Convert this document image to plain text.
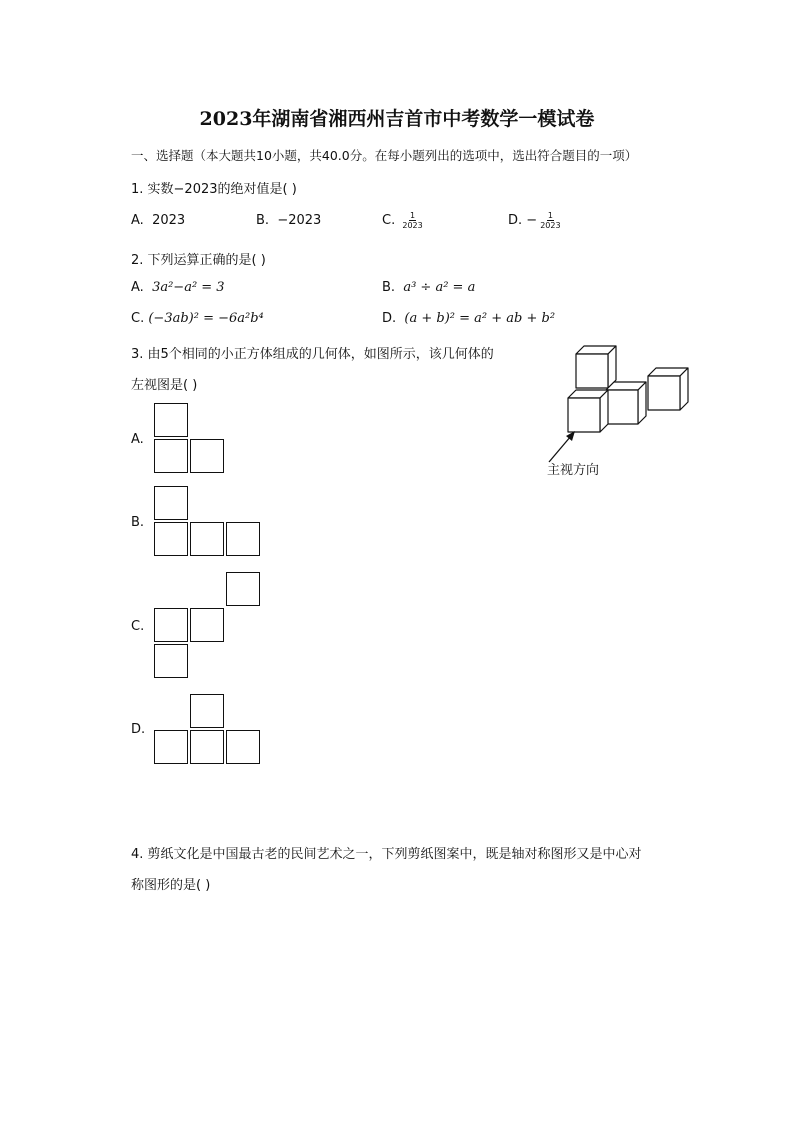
2023年湖南省湘西州吉首市中考数学一模试卷
一、选择题（本大题共10小题，共40.0分。在每小题列出的选项中，选出符合题目的一项）
1. 实数−2023的绝对值是( )
A. 2023	B. −2023	C. $\frac{1}{2023}$	D. − $\frac{1}{2023}$
2. 下列运算正确的是( )
A. 3a²−a² = 3	B. a³ ÷ a² = a
C. (−3ab)² = −6a²b⁴	D. (a + b)² = a² + ab + b²
3. 由5个相同的小正方体组成的几何体，如图所示，该几何体的
左视图是( )
主视方向
A.
B.
C.
D.
4. 剪纸文化是中国最古老的民间艺术之一，下列剪纸图案中，既是轴对称图形又是中心对
称图形的是( )
